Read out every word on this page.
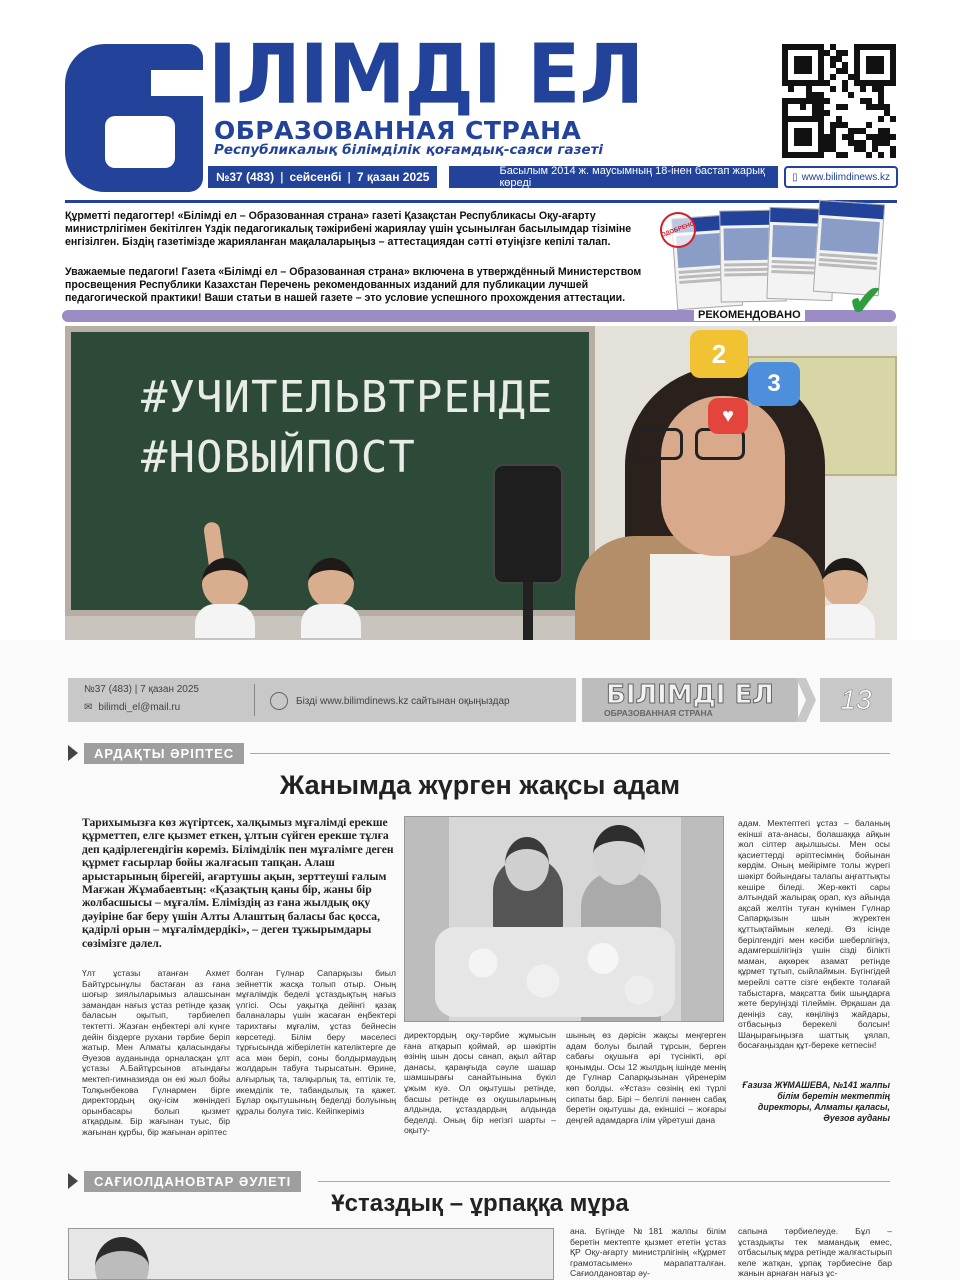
ІЛІМДІ ЕЛ
ОБРАЗОВАННАЯ СТРАНА
Республикалық білімділік қоғамдық-саяси газеті
№37 (483) | сейсенбі | 7 қазан 2025	Басылым 2014 ж. маусымның 18-інен бастап жарық көреді	▯ www.bilimdinews.kz

Құрметті педагогтер! «Білімді ел – Образованная страна» газеті Қазақстан Республикасы Оқу-ағарту министрлігімен бекітілген Үздік педагогикалық тәжірибені жариялау үшін ұсынылған басылымдар тізіміне енгізілген. Біздің газетімізде жарияланған мақалаларыңыз – аттестациядан сәтті өтуіңізге кепілі талап.

Уважаемые педагоги! Газета «Білімді ел – Образованная страна» включена в утверждённый Министерством просвещения Республики Казахстан Перечень рекомендованных изданий для публикации лучшей педагогической практики! Ваши статьи в нашей газете – это условие успешного прохождения аттестации.

ОДОБРЕНО
РЕКОМЕНДОВАНО ✔
#УЧИТЕЛЬВТРЕНДЕ
#НОВЫЙПОСТ
2
3
♥
№37 (483) | 7 қазан 2025
✉ bilimdi_el@mail.ru
Бізді www.bilimdinews.kz сайтынан оқыңыздар	БІЛІМДІ ЕЛ
ОБРАЗОВАННАЯ СТРАНА	13
АРДАҚТЫ ӘРІПТЕС
Жанымда жүрген жақсы адам

Тарихымызға көз жүгіртсек, халқымыз мұғалімді ерекше құрметтеп, елге қызмет еткен, ұлтын сүйген ерекше тұлға деп қадірлегендігін көреміз. Білімділік пен мұғалімге деген құрмет ғасырлар бойы жалғасып тапқан. Алаш арыстарының бірегейі, ағартушы ақын, зерттеуші ғалым Мағжан Жұмабаевтың: «Қазақтың қаны бір, жаны бір жолбасшысы – мұғалім. Еліміздің аз ғана жылдық оқу дәуіріне бағ беру үшін Алты Алаштың баласы бас қосса, қадірлі орын – мұғалімдердікі», – деген тұжырымдары сөзімізге дәлел.

Үлт ұстазы атанған Ахмет Байтұрсынұлы бастаған аз ғана шоғыр зиялыларымыз алашсынан замандан нағыз ұстаз ретінде қазақ баласын оқытып, тәрбиелеп тектетті. Жазған еңбектері әлі күнге дейін біздерге рухани тәрбие беріп жатыр. Мен Алматы қаласындағы Әуезов ауданында орналасқан ұлт ұстазы А.Байтұрсынов атындағы мектеп-гимназияда он екі жыл бойы Толқынбекова Гүлнармен бірге директордың оқу-ісім жөніндегі орынбасары болып қызмет атқардым. Бір жағынан туыс, бір жағынан құрбы, бір жағынан әріптес

болған Гүлнар Сапарқызы биыл зейнеттік жасқа толып отыр. Оның мұғалімдік беделі ұстаздықтың нағыз үлгісі. Осы уақытқа дейінгі қазақ баланалары үшін жасаған еңбектері тарихтағы мұғалім, ұстаз бейнесін көрсетеді. Білім беру мәселесі тұрғысында жіберілетін кателіктерге де аса мән беріп, соны болдырмаудың жолдарын табуға тырысатын. Өрине, алғырлық та, талқырлық та, ептілік те, икемділік те, табандылық та қажет. Бұлар оқытушының беделді болуының құралы болуға тиіс. Кейіпкеріміз

директордың оқу-тәрбие жұмысын ғана атқарып қоймай, әр шәкіртін өзінің шын досы санап, ақыл айтар данасы, қараңғыда сәуле шашар шамшырағы санайтынына бүкіл ұжым куә. Ол оқытушы ретінде, басшы ретінде өз оқушыларының алдында, ұстаздардың алдында беделді. Оның бір негізгі шарты – оқыту-

шының өз дәрісін жақсы меңгерген адам болуы былай тұрсын, берген сабағы оқушыға әрі түсінікті, әрі қонымды. Осы 12 жылдың ішінде менің де Гүлнар Сапарқызынан үйренерім көп болды. «Ұстаз» сөзінің екі түрлі сипаты бар. Бірі – белгілі пәннен сабақ беретін оқытушы да, екіншісі – жоғары деңгей адамдарға ілім үйретуші дана

адам. Мектептегі ұстаз – баланың екінші ата-анасы, болашаққа айқын жол сілтер ақылшысы. Мен осы қасиеттерді әріптесімнің бойынан көрдім. Оның мейірімге толы жүрегі шәкірт бойындағы талапы аңғаттықты кешіре біледі. Жер-көкті сары алтындай жалырақ орап, күз айында ақсай желтін туған күнімен Гүлнар Сапарқызын шын жүректен құттықтаймын келеді. Өз ісінде берілгендігі мен кәсіби шеберлігіңіз, адамгершілігіңіз үшін сізді білікті маман, ақкөрек азамат ретінде құрмет тұтып, сыйлаймын. Бүгінгідей мерейлі сәтте сізге еңбекте толағай табыстарға, мақсатта биік шыңдарға жете беруіңізді тілеймін. Әрқашан да деніңіз сау, көңіліңіз жайдары, отбасыңыз берекелі болсын! Шаңырағыңызға шаттық ұялап, босағаңыздан құт-береке кетпесін!

Ғазиза ЖҰМАШЕВА, №141 жалпы білім беретін мектептің директоры, Алматы қаласы, Әуезов ауданы

САҒИОЛДАНОВТАР ӘУЛЕТІ
Ұстаздық – ұрпаққа мұра

ана. Бүгінде №181 жалпы білім беретін мектепте қызмет ететін ұстаз ҚР Оқу-ағарту министрлігінің «Құрмет грамотасымен» марапатталған. Сағиолдановтар әу-

сапына тәрбиелеуде. Бұл – ұстаздықты тек мамандық емес, отбасылық мұра ретінде жалғастырып келе жатқан, ұрпақ тәрбиесіне бар жанын арнаған нағыз ұс-
